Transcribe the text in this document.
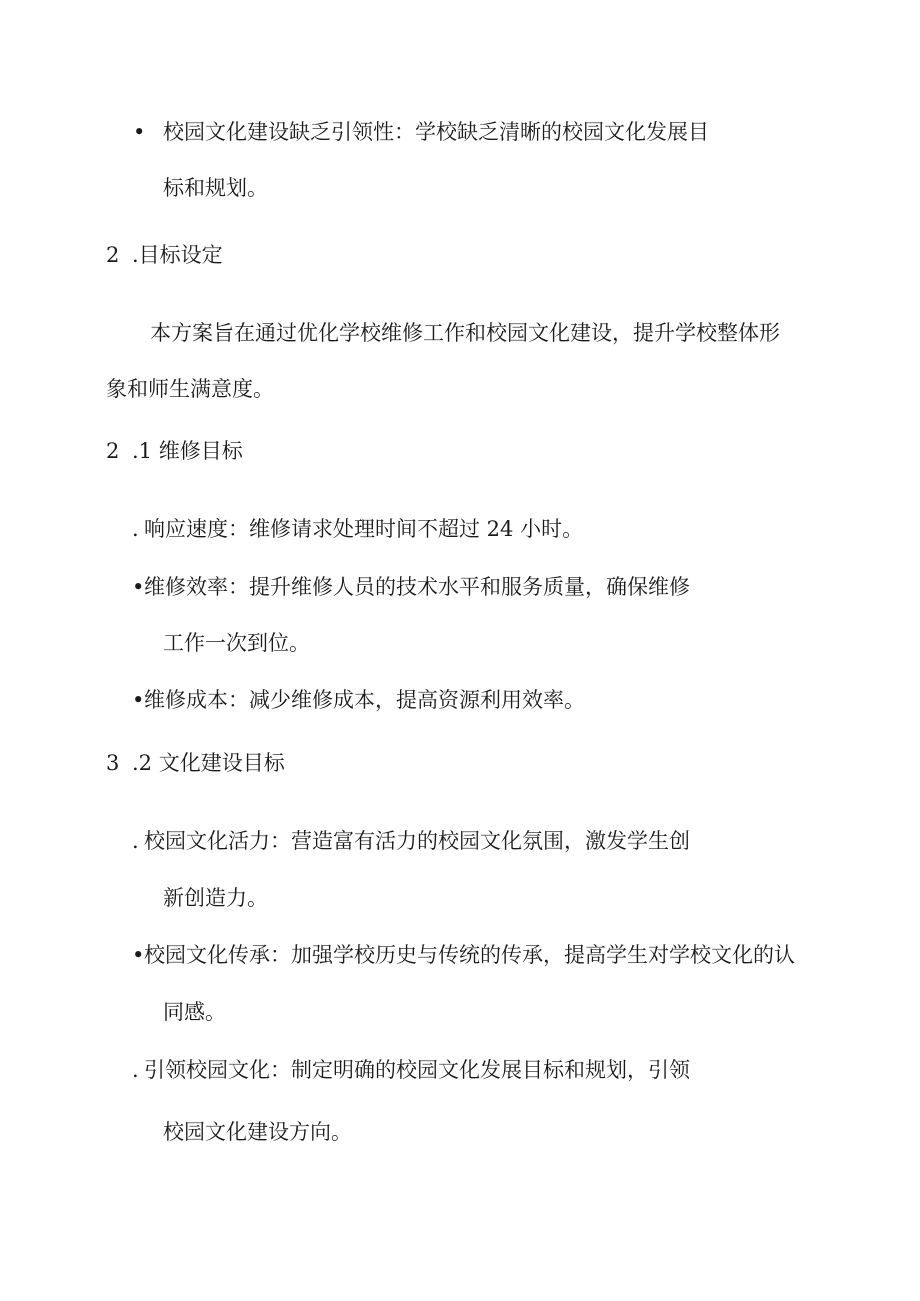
• 校园文化建设缺乏引领性：学校缺乏清晰的校园文化发展目
标和规划。
2 .目标设定
本方案旨在通过优化学校维修工作和校园文化建设，提升学校整体形
象和师生满意度。
2 .1 维修目标
. 响应速度：维修请求处理时间不超过 24 小时。
• 维修效率：提升维修人员的技术水平和服务质量，确保维修
工作一次到位。
• 维修成本：减少维修成本，提高资源利用效率。
3 .2 文化建设目标
. 校园文化活力：营造富有活力的校园文化氛围，激发学生创
新创造力。
• 校园文化传承：加强学校历史与传统的传承，提高学生对学校文化的认
同感。
. 引领校园文化：制定明确的校园文化发展目标和规划，引领
校园文化建设方向。
